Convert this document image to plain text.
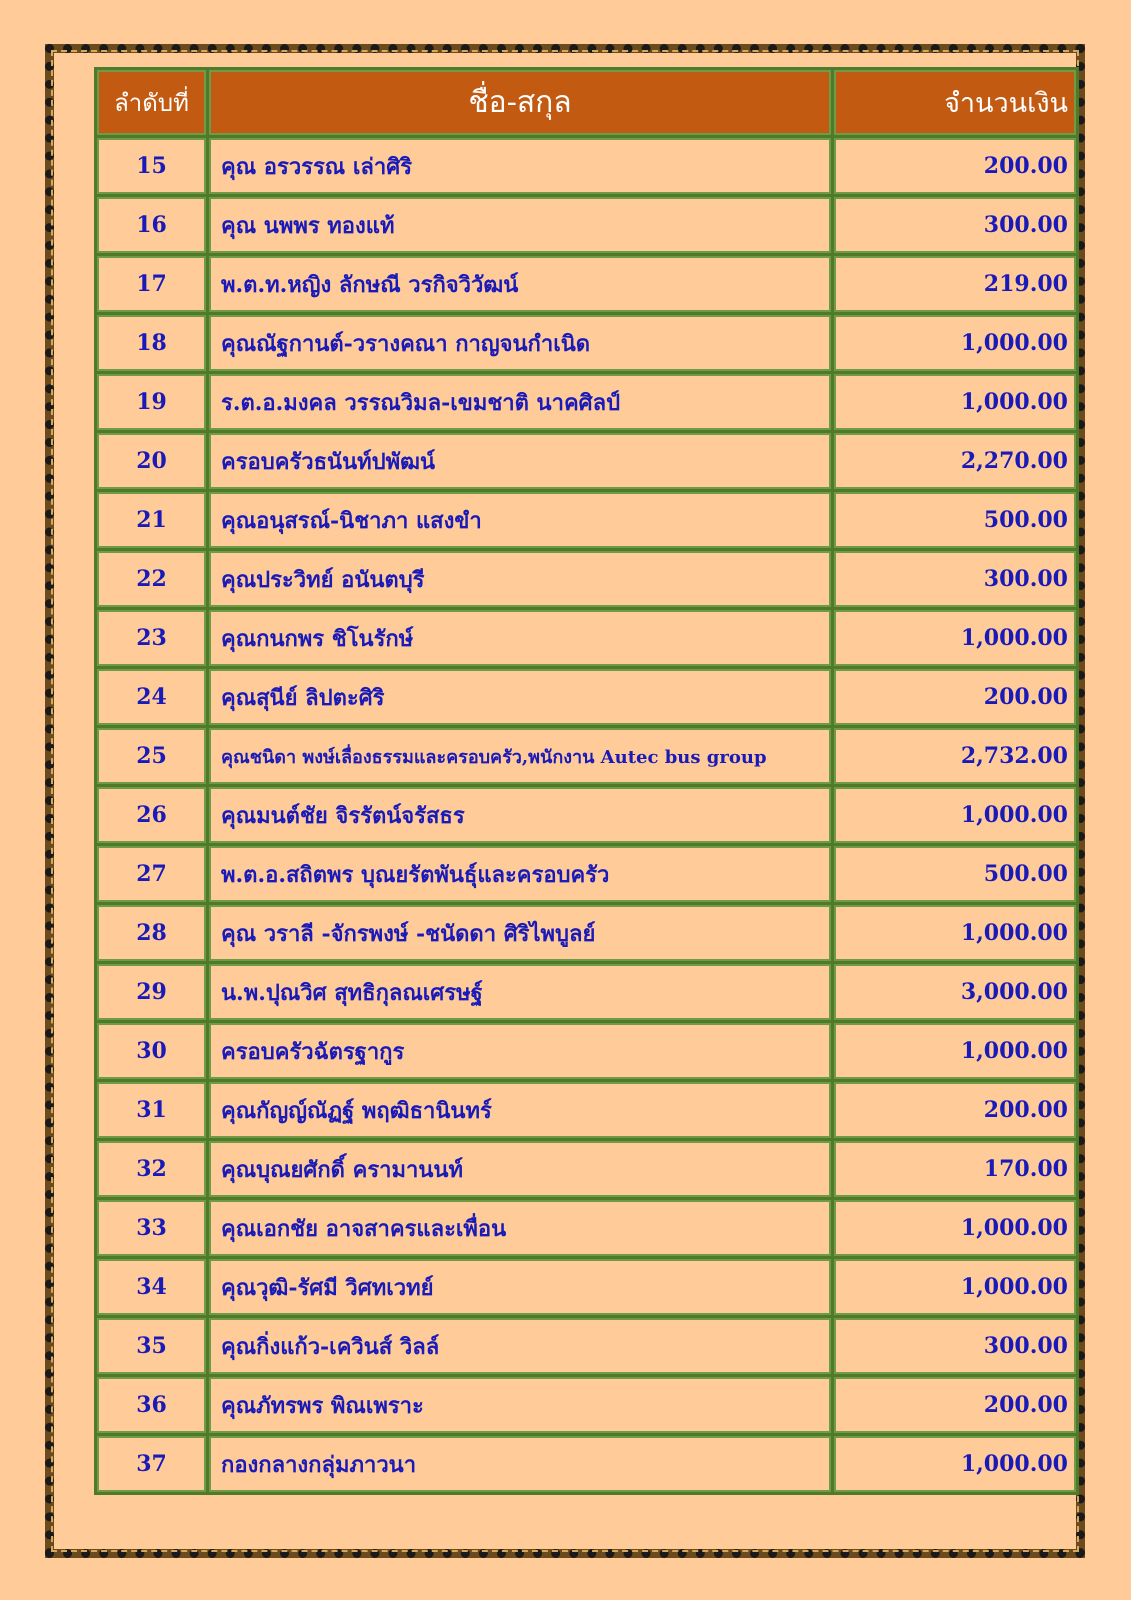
ลำดับที่	ชื่อ-สกุล	จำนวนเงิน
15	คุณ อรวรรณ เล่าศิริ	200.00
16	คุณ นพพร ทองแท้	300.00
17	พ.ต.ท.หญิง ลักษณี วรกิจวิวัฒน์	219.00
18	คุณณัฐกานต์-วรางคณา กาญจนกำเนิด	1,000.00
19	ร.ต.อ.มงคล วรรณวิมล-เขมชาติ นาคศิลป์	1,000.00
20	ครอบครัวธนันท์ปพัฒน์	2,270.00
21	คุณอนุสรณ์-นิชาภา แสงขำ	500.00
22	คุณประวิทย์ อนันตบุรี	300.00
23	คุณกนกพร ชิโนรักษ์	1,000.00
24	คุณสุนีย์ ลิปตะศิริ	200.00
25	คุณชนิดา พงษ์เลื่องธรรมและครอบครัว,พนักงาน Autec bus group	2,732.00
26	คุณมนต์ชัย จิรรัตน์จรัสธร	1,000.00
27	พ.ต.อ.สถิตพร บุณยรัตพันธุ์และครอบครัว	500.00
28	คุณ วราลี -จักรพงษ์ -ชนัดดา ศิริไพบูลย์	1,000.00
29	น.พ.ปุณวิศ สุทธิกุลณเศรษฐ์	3,000.00
30	ครอบครัวฉัตรฐากูร	1,000.00
31	คุณกัญญ์ณัฏฐ์ พฤฒิธานินทร์	200.00
32	คุณบุณยศักดิ์ ครามานนท์	170.00
33	คุณเอกชัย อาจสาครและเพื่อน	1,000.00
34	คุณวุฒิ-รัศมี วิศทเวทย์	1,000.00
35	คุณกิ่งแก้ว-เควินส์ วิลล์	300.00
36	คุณภัทรพร พิณเพราะ	200.00
37	กองกลางกลุ่มภาวนา	1,000.00
